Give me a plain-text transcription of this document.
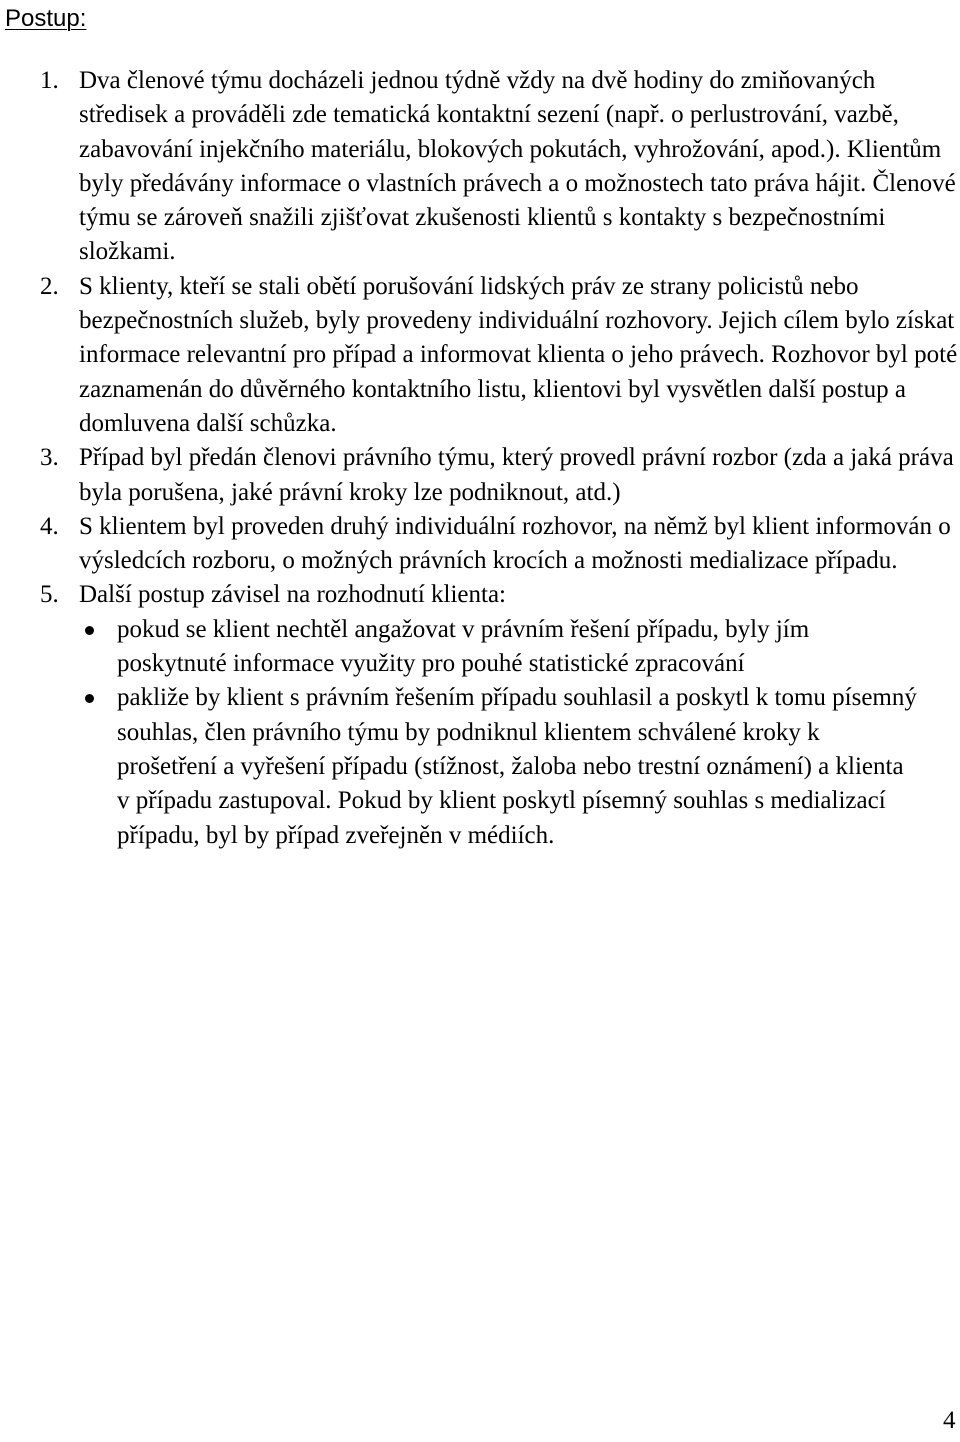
Postup:
1. Dva členové týmu docházeli jednou týdně vždy na dvě hodiny do zmiňovaných středisek a prováděli zde tematická kontaktní sezení (např. o perlustrování, vazbě, zabavování injekčního materiálu, blokových pokutách, vyhrožování, apod.). Klientům byly předávány informace o vlastních právech a o možnostech tato práva hájit. Členové týmu se zároveň snažili zjišťovat zkušenosti klientů s kontakty s bezpečnostními složkami.
2. S klienty, kteří se stali obětí porušování lidských práv ze strany policistů nebo bezpečnostních služeb, byly provedeny individuální rozhovory. Jejich cílem bylo získat informace relevantní pro případ a informovat klienta o jeho právech. Rozhovor byl poté zaznamenán do důvěrného kontaktního listu, klientovi byl vysvětlen další postup a domluvena další schůzka.
3. Případ byl předán členovi právního týmu, který provedl právní rozbor (zda a jaká práva byla porušena, jaké právní kroky lze podniknout, atd.)
4. S klientem byl proveden druhý individuální rozhovor, na němž byl klient informován o výsledcích rozboru, o možných právních krocích a možnosti medializace případu.
5. Další postup závisel na rozhodnutí klienta:
pokud se klient nechtěl angažovat v právním řešení případu, byly jím poskytnuté informace využity pro pouhé statistické zpracování
pakliže by klient s právním řešením případu souhlasil a poskytl k tomu písemný souhlas, člen právního týmu by podniknul klientem schválené kroky k prošetření a vyřešení případu (stížnost, žaloba nebo trestní oznámení) a klienta v případu zastupoval. Pokud by klient poskytl písemný souhlas s medializací případu, byl by případ zveřejněn v médiích.
4
